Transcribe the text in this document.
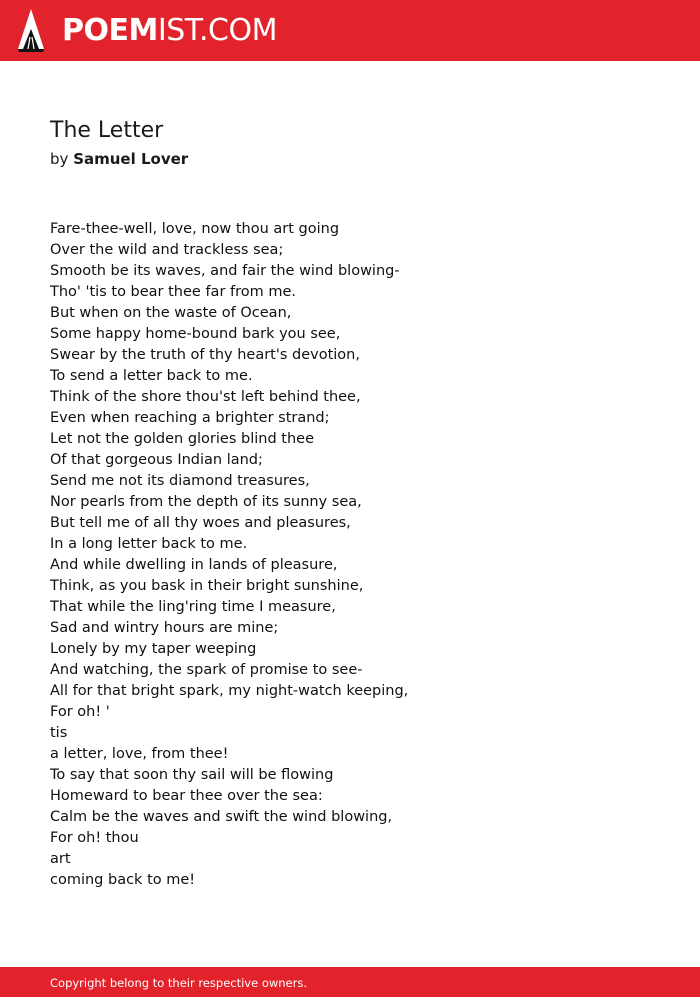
POEMIST.COM
The Letter
by Samuel Lover
Fare-thee-well, love, now thou art going
Over the wild and trackless sea;
Smooth be its waves, and fair the wind blowing-
Tho' 'tis to bear thee far from me.
But when on the waste of Ocean,
Some happy home-bound bark you see,
Swear by the truth of thy heart's devotion,
To send a letter back to me.
Think of the shore thou'st left behind thee,
Even when reaching a brighter strand;
Let not the golden glories blind thee
Of that gorgeous Indian land;
Send me not its diamond treasures,
Nor pearls from the depth of its sunny sea,
But tell me of all thy woes and pleasures,
In a long letter back to me.
And while dwelling in lands of pleasure,
Think, as you bask in their bright sunshine,
That while the ling'ring time I measure,
Sad and wintry hours are mine;
Lonely by my taper weeping
And watching, the spark of promise to see-
All for that bright spark, my night-watch keeping,
For oh! '
tis
a letter, love, from thee!
To say that soon thy sail will be flowing
Homeward to bear thee over the sea:
Calm be the waves and swift the wind blowing,
For oh! thou
art
coming back to me!
Copyright belong to their respective owners.
